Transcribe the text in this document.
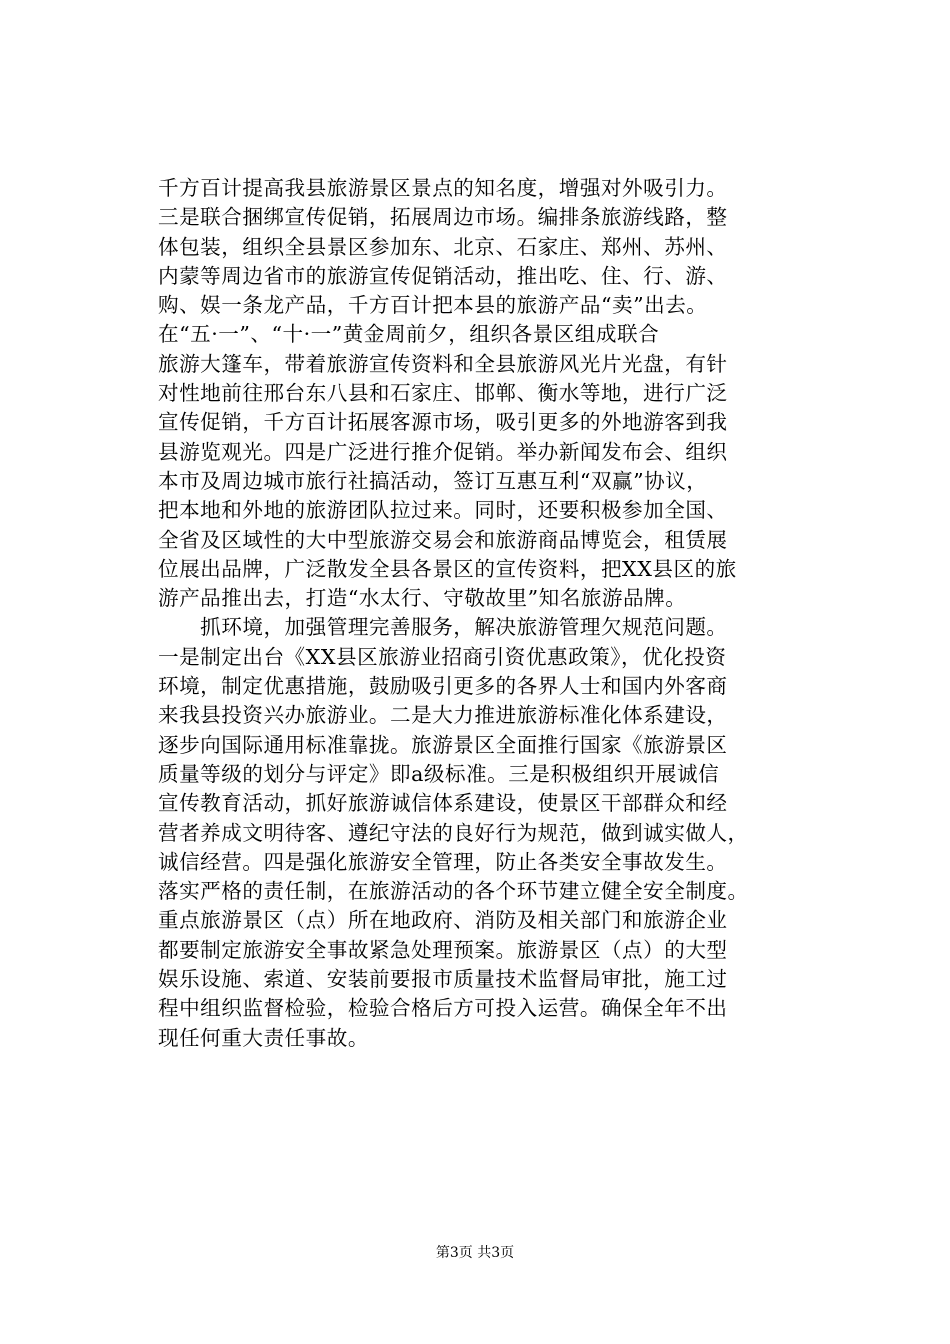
千方百计提高我县旅游景区景点的知名度，增强对外吸引力。
三是联合捆绑宣传促销，拓展周边市场。编排条旅游线路，整
体包装，组织全县景区参加东、北京、石家庄、郑州、苏州、
内蒙等周边省市的旅游宣传促销活动，推出吃、住、行、游、
购、娱一条龙产品，千方百计把本县的旅游产品“卖”出去。
在“五·一”、“十·一”黄金周前夕，组织各景区组成联合
旅游大篷车，带着旅游宣传资料和全县旅游风光片光盘，有针
对性地前往邢台东八县和石家庄、邯郸、衡水等地，进行广泛
宣传促销，千方百计拓展客源市场，吸引更多的外地游客到我
县游览观光。四是广泛进行推介促销。举办新闻发布会、组织
本市及周边城市旅行社搞活动，签订互惠互利“双赢”协议，
把本地和外地的旅游团队拉过来。同时，还要积极参加全国、
全省及区域性的大中型旅游交易会和旅游商品博览会，租赁展
位展出品牌，广泛散发全县各景区的宣传资料，把XX县区的旅
游产品推出去，打造“水太行、守敬故里”知名旅游品牌。
　　抓环境，加强管理完善服务，解决旅游管理欠规范问题。
一是制定出台《XX县区旅游业招商引资优惠政策》，优化投资
环境，制定优惠措施，鼓励吸引更多的各界人士和国内外客商
来我县投资兴办旅游业。二是大力推进旅游标准化体系建设，
逐步向国际通用标准靠拢。旅游景区全面推行国家《旅游景区
质量等级的划分与评定》即a级标准。三是积极组织开展诚信
宣传教育活动，抓好旅游诚信体系建设，使景区干部群众和经
营者养成文明待客、遵纪守法的良好行为规范，做到诚实做人，
诚信经营。四是强化旅游安全管理，防止各类安全事故发生。
落实严格的责任制，在旅游活动的各个环节建立健全安全制度。
重点旅游景区（点）所在地政府、消防及相关部门和旅游企业
都要制定旅游安全事故紧急处理预案。旅游景区（点）的大型
娱乐设施、索道、安装前要报市质量技术监督局审批，施工过
程中组织监督检验，检验合格后方可投入运营。确保全年不出
现任何重大责任事故。
第3页 共3页
